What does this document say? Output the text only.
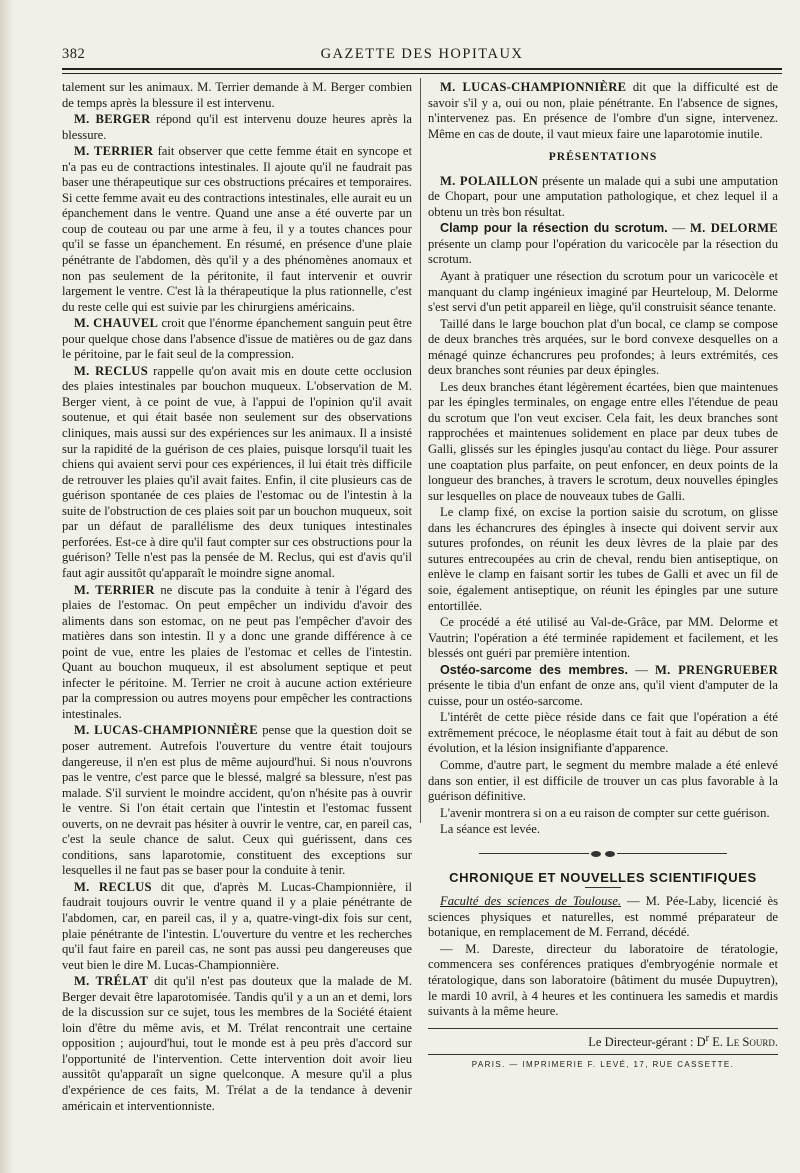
382	GAZETTE DES HOPITAUX

talement sur les animaux. M. Terrier demande à M. Berger combien de temps après la blessure il est intervenu.

M. BERGER répond qu'il est intervenu douze heures après la blessure.

M. TERRIER fait observer que cette femme était en syncope et n'a pas eu de contractions intestinales. Il ajoute qu'il ne faudrait pas baser une thérapeutique sur ces obstructions précaires et temporaires. Si cette femme avait eu des contractions intestinales, elle aurait eu un épanchement dans le ventre. Quand une anse a été ouverte par un coup de couteau ou par une arme à feu, il y a toutes chances pour qu'il se fasse un épanchement. En résumé, en présence d'une plaie pénétrante de l'abdomen, dès qu'il y a des phénomènes anomaux et non pas seulement de la péritonite, il faut intervenir et ouvrir largement le ventre. C'est là la thérapeutique la plus rationnelle, c'est du reste celle qui est suivie par les chirurgiens américains.

M. CHAUVEL croit que l'énorme épanchement sanguin peut être pour quelque chose dans l'absence d'issue de matières ou de gaz dans le péritoine, par le fait seul de la compression.

M. RECLUS rappelle qu'on avait mis en doute cette occlusion des plaies intestinales par bouchon muqueux. L'observation de M. Berger vient, à ce point de vue, à l'appui de l'opinion qu'il avait soutenue, et qui était basée non seulement sur des observations cliniques, mais aussi sur des expériences sur les animaux. Il a insisté sur la rapidité de la guérison de ces plaies, puisque lorsqu'il tuait les chiens qui avaient servi pour ces expériences, il lui était très difficile de retrouver les plaies qu'il avait faites. Enfin, il cite plusieurs cas de guérison spontanée de ces plaies de l'estomac ou de l'intestin à la suite de l'obstruction de ces plaies soit par un bouchon muqueux, soit par un défaut de parallélisme des deux tuniques intestinales perforées. Est-ce à dire qu'il faut compter sur ces obstructions pour la guérison? Telle n'est pas la pensée de M. Reclus, qui est d'avis qu'il faut agir aussitôt qu'apparaît le moindre signe anomal.

M. TERRIER ne discute pas la conduite à tenir à l'égard des plaies de l'estomac. On peut empêcher un individu d'avoir des aliments dans son estomac, on ne peut pas l'empêcher d'avoir des matières dans son intestin. Il y a donc une grande différence à ce point de vue, entre les plaies de l'estomac et celles de l'intestin. Quant au bouchon muqueux, il est absolument septique et peut infecter le péritoine. M. Terrier ne croit à aucune action extérieure par la compression ou autres moyens pour empêcher les contractions intestinales.

M. LUCAS-CHAMPIONNIÈRE pense que la question doit se poser autrement. Autrefois l'ouverture du ventre était toujours dangereuse, il n'en est plus de même aujourd'hui. Si nous n'ouvrons pas le ventre, c'est parce que le blessé, malgré sa blessure, n'est pas malade. S'il survient le moindre accident, qu'on n'hésite pas à ouvrir le ventre. Si l'on était certain que l'intestin et l'estomac fussent ouverts, on ne devrait pas hésiter à ouvrir le ventre, car, en pareil cas, c'est la seule chance de salut. Ceux qui guérissent, dans ces conditions, sans laparotomie, constituent des exceptions sur lesquelles il ne faut pas se baser pour la conduite à tenir.

M. RECLUS dit que, d'après M. Lucas-Championnière, il faudrait toujours ouvrir le ventre quand il y a plaie pénétrante de l'abdomen, car, en pareil cas, il y a, quatre-vingt-dix fois sur cent, plaie pénétrante de l'intestin. L'ouverture du ventre et les recherches qu'il faut faire en pareil cas, ne sont pas aussi peu dangereuses que veut bien le dire M. Lucas-Championnière.

M. TRÉLAT dit qu'il n'est pas douteux que la malade de M. Berger devait être laparotomisée. Tandis qu'il y a un an et demi, lors de la discussion sur ce sujet, tous les membres de la Société étaient loin d'être du même avis, et M. Trélat rencontrait une certaine opposition ; aujourd'hui, tout le monde est à peu près d'accord sur l'opportunité de l'intervention. Cette intervention doit avoir lieu aussitôt qu'apparaît un signe quelconque. A mesure qu'il a plus d'expérience de ces faits, M. Trélat a de la tendance à devenir américain et interventionniste.

M. LUCAS-CHAMPIONNIÈRE dit que la difficulté est de savoir s'il y a, oui ou non, plaie pénétrante. En l'absence de signes, n'intervenez pas. En présence de l'ombre d'un signe, intervenez. Même en cas de doute, il vaut mieux faire une laparotomie inutile.

PRÉSENTATIONS

M. POLAILLON présente un malade qui a subi une amputation de Chopart, pour une amputation pathologique, et chez lequel il a obtenu un très bon résultat.

Clamp pour la résection du scrotum. — M. DELORME présente un clamp pour l'opération du varicocèle par la résection du scrotum.

Ayant à pratiquer une résection du scrotum pour un varicocèle et manquant du clamp ingénieux imaginé par Heurteloup, M. Delorme s'est servi d'un petit appareil en liège, qu'il construisit séance tenante.

Taillé dans le large bouchon plat d'un bocal, ce clamp se compose de deux branches très arquées, sur le bord convexe desquelles on a ménagé quinze échancrures peu profondes; à leurs extrémités, ces deux branches sont réunies par deux épingles.

Les deux branches étant légèrement écartées, bien que maintenues par les épingles terminales, on engage entre elles l'étendue de peau du scrotum que l'on veut exciser. Cela fait, les deux branches sont rapprochées et maintenues solidement en place par deux tubes de Galli, glissés sur les épingles jusqu'au contact du liège. Pour assurer une coaptation plus parfaite, on peut enfoncer, en deux points de la longueur des branches, à travers le scrotum, deux nouvelles épingles sur lesquelles on place de nouveaux tubes de Galli.

Le clamp fixé, on excise la portion saisie du scrotum, on glisse dans les échancrures des épingles à insecte qui doivent servir aux sutures profondes, on réunit les deux lèvres de la plaie par des sutures entrecoupées au crin de cheval, rendu bien antiseptique, on enlève le clamp en faisant sortir les tubes de Galli et avec un fil de soie, également antiseptique, on réunit les épingles par une suture entortillée.

Ce procédé a été utilisé au Val-de-Grâce, par MM. Delorme et Vautrin; l'opération a été terminée rapidement et facilement, et les blessés ont guéri par première intention.

Ostéo-sarcome des membres. — M. PRENGRUEBER présente le tibia d'un enfant de onze ans, qu'il vient d'amputer de la cuisse, pour un ostéo-sarcome.

L'intérêt de cette pièce réside dans ce fait que l'opération a été extrêmement précoce, le néoplasme était tout à fait au début de son évolution, et la lésion insignifiante d'apparence.

Comme, d'autre part, le segment du membre malade a été enlevé dans son entier, il est difficile de trouver un cas plus favorable à la guérison définitive.

L'avenir montrera si on a eu raison de compter sur cette guérison.

La séance est levée.

CHRONIQUE ET NOUVELLES SCIENTIFIQUES

Faculté des sciences de Toulouse. — M. Pée-Laby, licencié ès sciences physiques et naturelles, est nommé préparateur de botanique, en remplacement de M. Ferrand, décédé.

— M. Dareste, directeur du laboratoire de tératologie, commencera ses conférences pratiques d'embryogénie normale et tératologique, dans son laboratoire (bâtiment du musée Dupuytren), le mardi 10 avril, à 4 heures et les continuera les samedis et mardis suivants à la même heure.

Le Directeur-gérant : $D^r$ E. Le Sourd.
PARIS. — IMPRIMERIE F. LEVÉ, 17, RUE CASSETTE.
